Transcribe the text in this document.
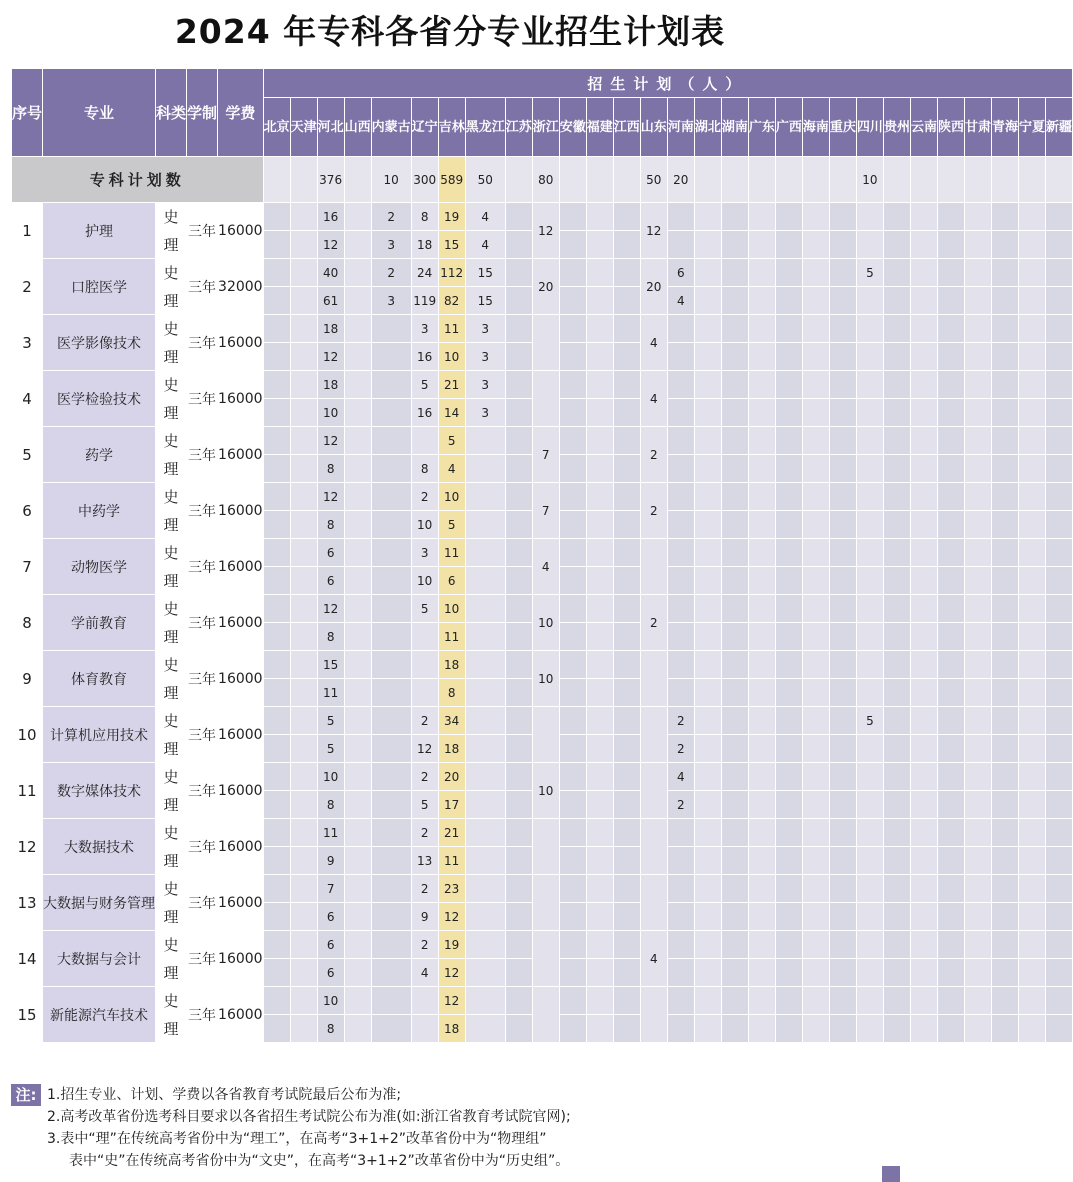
2024 年专科各省分专业招生计划表
序号	专业	科类	学制	学费	招生计划（人）																												
					北京	天津	河北	山西	内蒙古	辽宁	吉林	黑龙江	江苏	浙江	安徽	福建	江西	山东	河南	湖北	湖南	广东	广西	海南	重庆	四川	贵州	云南	陕西	甘肃	青海	宁夏	新疆
专科计划数							376		10	300	589	50		80				50	20							10							
1	护理	史	三年	16000			16		2	8	19	4		12				12															
		理					12		3	18	15	4																					
2	口腔医学	史	三年	32000			40		2	24	112	15		20				20	6							5							
		理					61		3	119	82	15							4														
3	医学影像技术	史	三年	16000			18			3	11	3						4															
		理					12			16	10	3																					
4	医学检验技术	史	三年	16000			18			5	21	3						4															
		理					10			16	14	3																					
5	药学	史	三年	16000			12				5			7				2															
		理					8			8	4																						
6	中药学	史	三年	16000			12			2	10			7				2															
		理					8			10	5																						
7	动物医学	史	三年	16000			6			3	11			4																			
		理					6			10	6																						
8	学前教育	史	三年	16000			12			5	10			10				2															
		理					8				11																						
9	体育教育	史	三年	16000			15				18			10																			
		理					11				8																						
10	计算机应用技术	史	三年	16000			5			2	34								2							5							
		理					5			12	18								2														
11	数字媒体技术	史	三年	16000			10			2	20			10					4														
		理					8			5	17								2														
12	大数据技术	史	三年	16000			11			2	21																						
		理					9			13	11																						
13	大数据与财务管理	史	三年	16000			7			2	23																						
		理					6			9	12																						
14	大数据与会计	史	三年	16000			6			2	19							4															
		理					6			4	12																						
15	新能源汽车技术	史	三年	16000			10				12																						
		理					8				18																						
注: 1.招生专业、计划、学费以各省教育考试院最后公布为准;
2.高考改革省份选考科目要求以各省招生考试院公布为准(如:浙江省教育考试院官网);
3.表中“理”在传统高考省份中为“理工”，在高考“3+1+2”改革省份中为“物理组”
表中“史”在传统高考省份中为“文史”，在高考“3+1+2”改革省份中为“历史组”。
